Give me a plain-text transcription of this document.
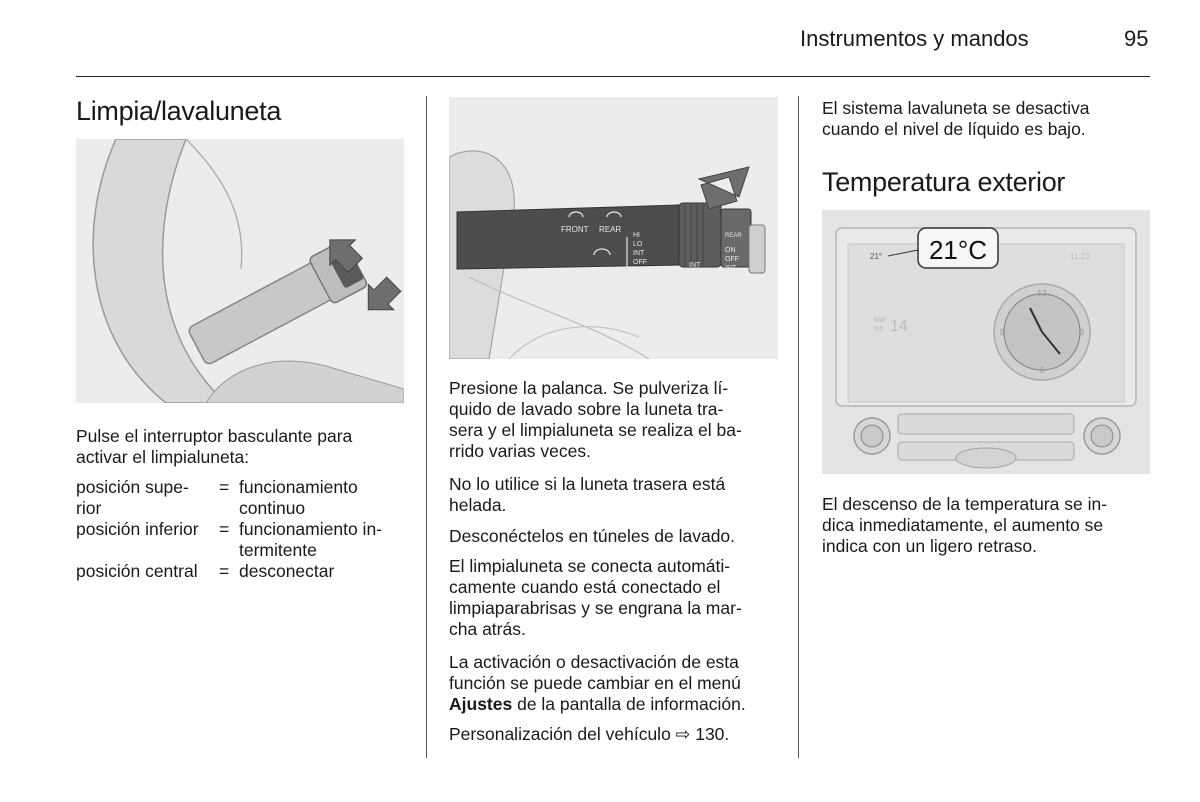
Instrumentos y mandos	95
Limpia/lavaluneta
Pulse el interruptor basculante para activar el limpialuneta:
posición supe-
rior	=	funcionamiento
continuo
posición inferior	=	funcionamiento in-
termitente
posición central	=	desconectar
FRONT REAR
HI
LO
INT
OFF
1x
INT
ON
OFF
INT
REAR
Presione la palanca. Se pulveriza lí-
quido de lavado sobre la luneta tra-
sera y el limpialuneta se realiza el ba-
rrido varias veces.
No lo utilice si la luneta trasera está
helada.
Desconéctelos en túneles de lavado.
El limpialuneta se conecta automáti-
camente cuando está conectado el
limpiaparabrisas y se engrana la mar-
cha atrás.
La activación o desactivación de esta
función se puede cambiar en el menú
Ajustes de la pantalla de información.
Personalización del vehículo ⇨ 130.
El sistema lavaluneta se desactiva
cuando el nivel de líquido es bajo.
Temperatura exterior
21°	11:23
21°C
Mar
feb 14
12
3
6
9
El descenso de la temperatura se in-
dica inmediatamente, el aumento se
indica con un ligero retraso.
